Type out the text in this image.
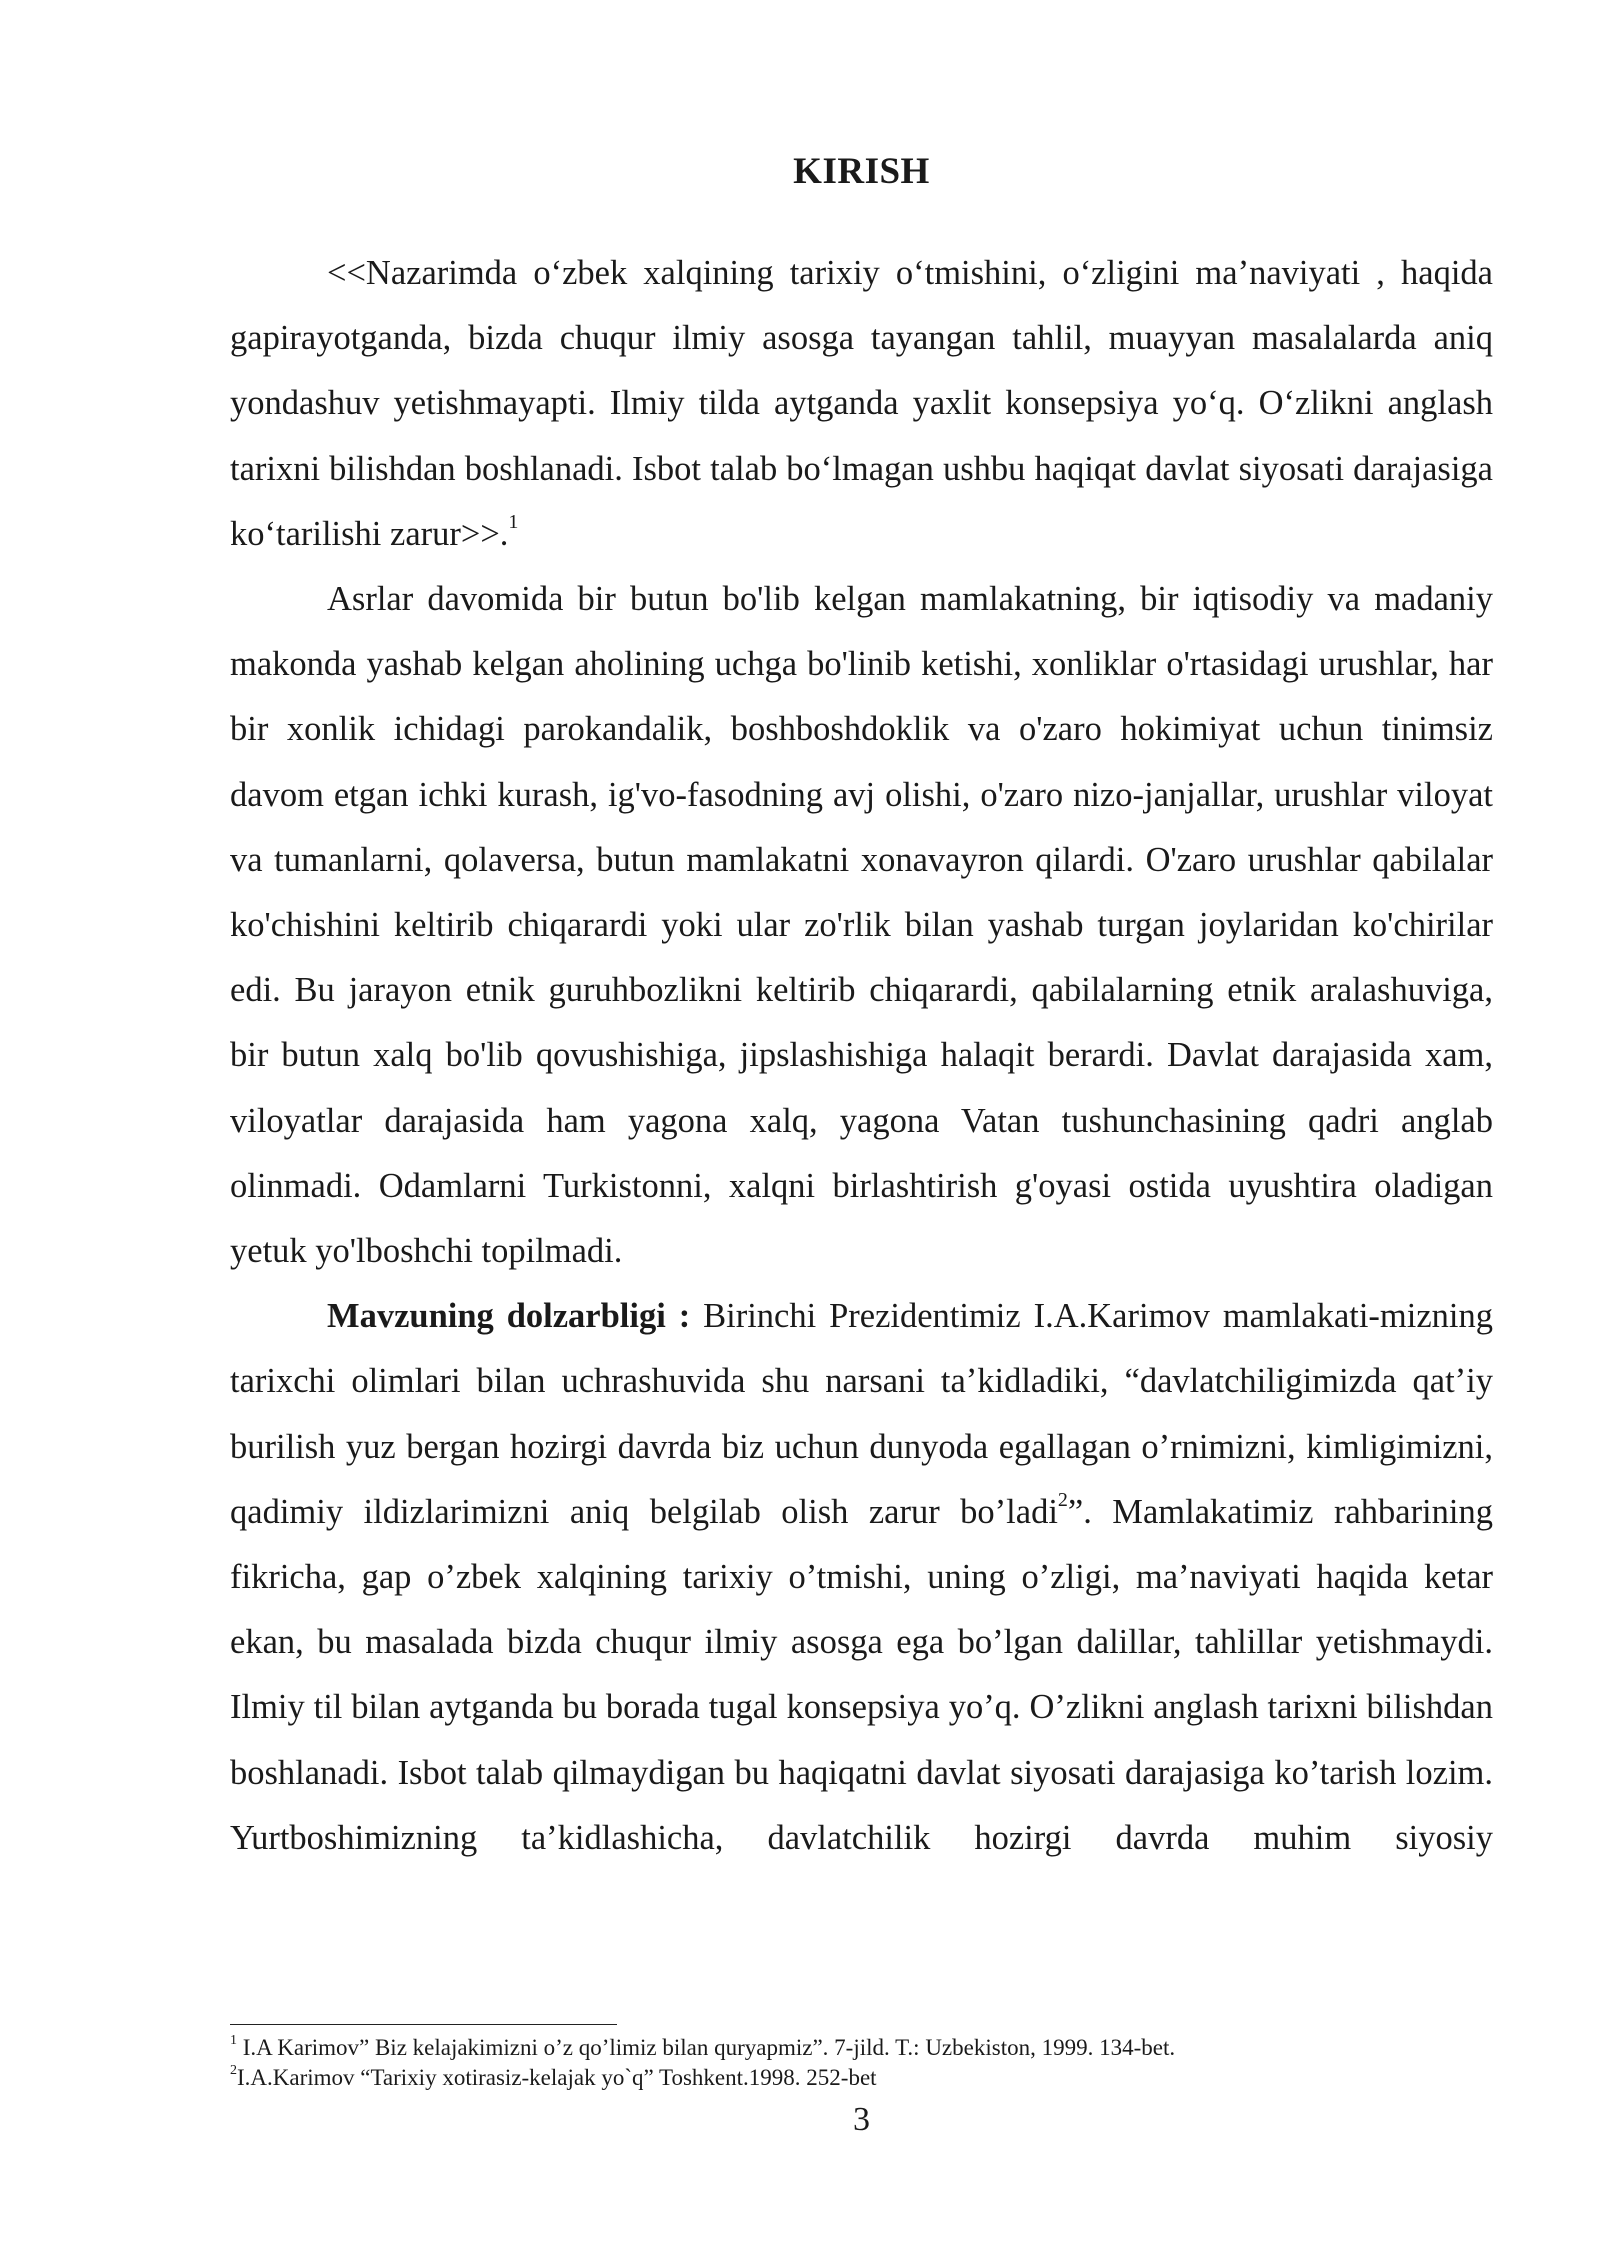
KIRISH

<<Nazarimda oʻzbek xalqining tarixiy oʻtmishini, oʻzligini maʼnaviyati , haqida gapirayotganda, bizda chuqur ilmiy asosga tayangan tahlil, muayyan masalalarda aniq yondashuv yetishmayapti. Ilmiy tilda aytganda yaxlit konsepsiya yoʻq. Oʻzlikni anglash tarixni bilishdan boshlanadi. Isbot talab boʻlmagan ushbu haqiqat davlat siyosati darajasiga koʻtarilishi zarur>>.$^1$

Asrlar davomida bir butun bo'lib kelgan mamlakatning, bir iqtisodiy va madaniy makonda yashab kelgan aholining uchga bo'linib ketishi, xonliklar o'rtasidagi urushlar, har bir xonlik ichidagi parokandalik, boshboshdoklik va o'zaro hokimiyat uchun tinimsiz davom etgan ichki kurash, ig'vo-fasodning avj olishi, o'zaro nizo-janjallar, urushlar viloyat va tumanlarni, qolaversa, butun mamlakatni xonavayron qilardi. O'zaro urushlar qabilalar ko'chishini keltirib chiqarardi yoki ular zo'rlik bilan yashab turgan joylaridan ko'chirilar edi. Bu jarayon etnik guruhbozlikni keltirib chiqarardi, qabilalarning etnik aralashuviga, bir butun xalq bo'lib qovushishiga, jipslashishiga halaqit berardi. Davlat darajasida xam, viloyatlar darajasida ham yagona xalq, yagona Vatan tushunchasining qadri anglab olinmadi. Odamlarni Turkistonni, xalqni birlashtirish g'oyasi ostida uyushtira oladigan yetuk yo'lboshchi topilmadi.

Mavzuning dolzarbligi : Birinchi Prezidentimiz I.A.Karimov mamlakati-mizning tarixchi olimlari bilan uchrashuvida shu narsani taʼkidladiki, “davlatchiligimizda qatʼiy burilish yuz bergan hozirgi davrda biz uchun dunyoda egallagan o’rnimizni, kimligimizni, qadimiy ildizlarimizni aniq belgilab olish zarur bo’ladi$^2$”. Mamlakatimiz rahbarining fikricha, gap o’zbek xalqining tarixiy o’tmishi, uning o’zligi, ma’naviyati haqida ketar ekan, bu masalada bizda chuqur ilmiy asosga ega bo’lgan dalillar, tahlillar yetishmaydi. Ilmiy til bilan aytganda bu borada tugal konsepsiya yo’q. O’zlikni anglash tarixni bilishdan boshlanadi. Isbot talab qilmaydigan bu haqiqatni davlat siyosati darajasiga ko’tarish lozim. Yurtboshimizning ta’kidlashicha, davlatchilik hozirgi davrda muhim siyosiy

$^1$ I.A Karimov” Biz kelajakimizni o’z qo’limiz bilan quryapmiz”. 7-jild. T.: Uzbekiston, 1999. 134-bet.
$^2$I.A.Karimov “Tarixiy xotirasiz-kelajak yo`q” Toshkent.1998. 252-bet
3
